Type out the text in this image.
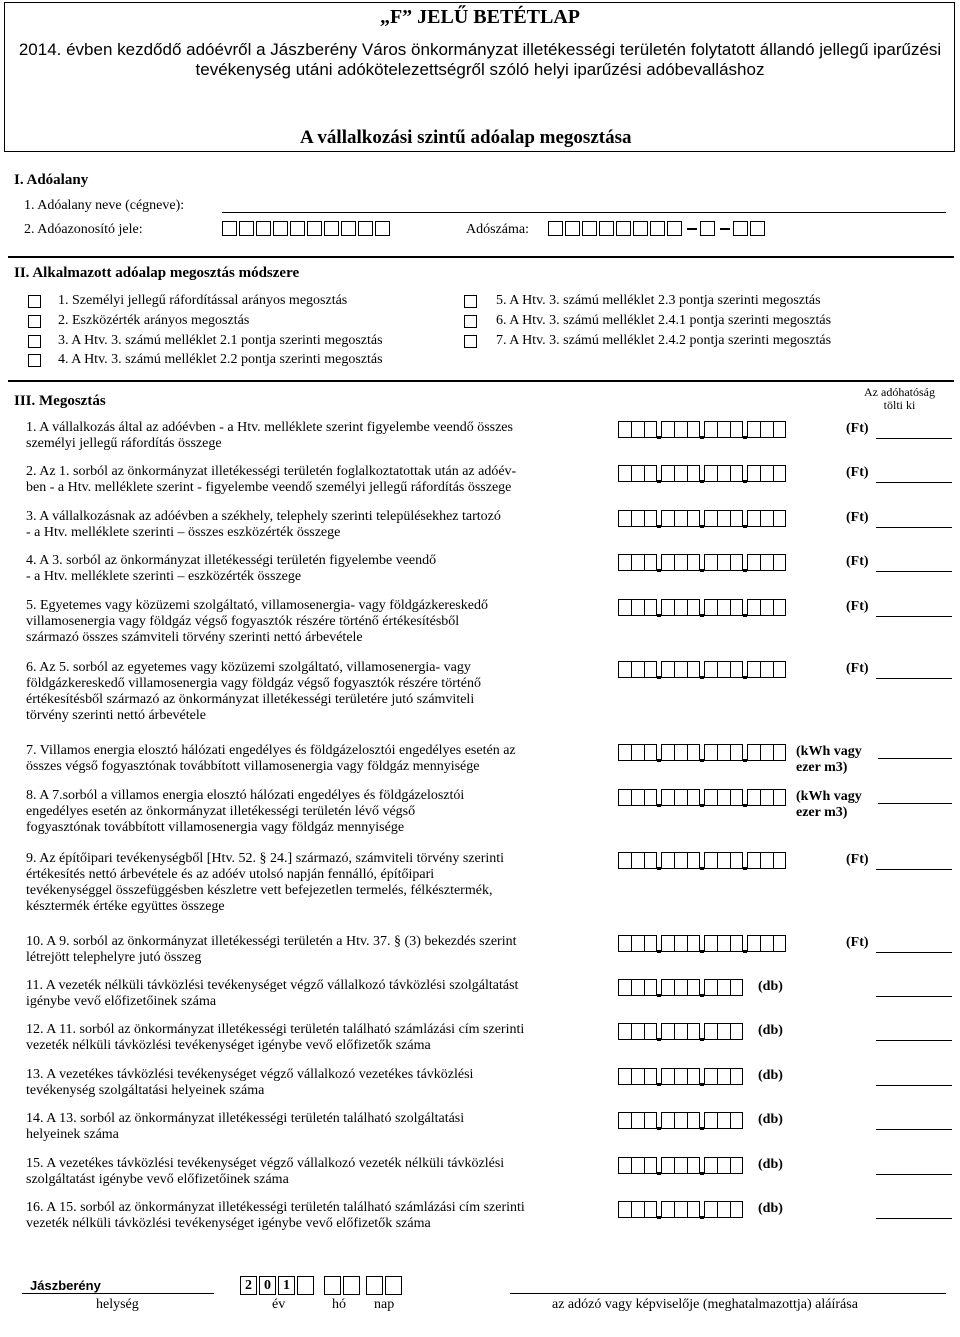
„F” JELŰ BETÉTLAP
2014. évben kezdődő adóévről a Jászberény Város önkormányzat illetékességi területén folytatott állandó jellegű iparűzési tevékenység utáni adókötelezettségről szóló helyi iparűzési adóbevalláshoz
A vállalkozási szintű adóalap megosztása
I. Adóalany
1. Adóalany neve (cégneve):
2. Adóazonosító jele:	Adószáma:
II. Alkalmazott adóalap megosztás módszere
1. Személyi jellegű ráfordítással arányos megosztás
2. Eszközérték arányos megosztás
3. A Htv. 3. számú melléklet 2.1 pontja szerinti megosztás
4. A Htv. 3. számú melléklet 2.2 pontja szerinti megosztás
5. A Htv. 3. számú melléklet 2.3 pontja szerinti megosztás
6. A Htv. 3. számú melléklet 2.4.1 pontja szerinti megosztás
7. A Htv. 3. számú melléklet 2.4.2 pontja szerinti megosztás
III. Megosztás
Az adóhatóság
tölti ki
1. A vállalkozás által az adóévben - a Htv. melléklete szerint figyelembe veendő összes
személyi jellegű ráfordítás összege
(Ft)
2. Az 1. sorból az önkormányzat illetékességi területén foglalkoztatottak után az adóév-
ben - a Htv. melléklete szerint - figyelembe veendő személyi jellegű ráfordítás összege
(Ft)
3. A vállalkozásnak az adóévben a székhely, telephely szerinti településekhez tartozó
- a Htv. melléklete szerinti – összes eszközérték összege
(Ft)
4. A 3. sorból az önkormányzat illetékességi területén figyelembe veendő
- a Htv. melléklete szerinti – eszközérték összege
(Ft)
5. Egyetemes vagy közüzemi szolgáltató, villamosenergia- vagy földgázkereskedő
villamosenergia vagy földgáz végső fogyasztók részére történő értékesítésből
származó összes számviteli törvény szerinti nettó árbevétele
(Ft)
6. Az 5. sorból az egyetemes vagy közüzemi szolgáltató, villamosenergia- vagy
földgázkereskedő villamosenergia vagy földgáz végső fogyasztók részére történő
értékesítésből származó az önkormányzat illetékességi területére jutó számviteli
törvény szerinti nettó árbevétele
(Ft)
7. Villamos energia elosztó hálózati engedélyes és földgázelosztói engedélyes esetén az
összes végső fogyasztónak továbbított villamosenergia vagy földgáz mennyisége
(kWh vagy
ezer m3)
8. A 7.sorból a villamos energia elosztó hálózati engedélyes és földgázelosztói
engedélyes esetén az önkormányzat illetékességi területén lévő végső
fogyasztónak továbbított villamosenergia vagy földgáz mennyisége
(kWh vagy
ezer m3)
9. Az építőipari tevékenységből [Htv. 52. § 24.] származó, számviteli törvény szerinti
értékesítés nettó árbevétele és az adóév utolsó napján fennálló, építőipari
tevékenységgel összefüggésben készletre vett befejezetlen termelés, félkésztermék,
késztermék értéke együttes összege
(Ft)
10. A 9. sorból az önkormányzat illetékességi területén a Htv. 37. § (3) bekezdés szerint
létrejött telephelyre jutó összeg
(Ft)
11. A vezeték nélküli távközlési tevékenységet végző vállalkozó távközlési szolgáltatást
igénybe vevő előfizetőinek száma
(db)
12. A 11. sorból az önkormányzat illetékességi területén található számlázási cím szerinti
vezeték nélküli távközlési tevékenységet igénybe vevő előfizetők száma
(db)
13. A vezetékes távközlési tevékenységet végző vállalkozó vezetékes távközlési
tevékenység szolgáltatási helyeinek száma
(db)
14. A 13. sorból az önkormányzat illetékességi területén található szolgáltatási
helyeinek száma
(db)
15. A vezetékes távközlési tevékenységet végző vállalkozó vezeték nélküli távközlési
szolgáltatást igénybe vevő előfizetőinek száma
(db)
16. A 15. sorból az önkormányzat illetékességi területén található számlázási cím szerinti
vezeték nélküli távközlési tevékenységet igénybe vevő előfizetők száma
(db)
Jászberény	2 0 1
helység	év	hó nap	az adózó vagy képviselője (meghatalmazottja) aláírása
